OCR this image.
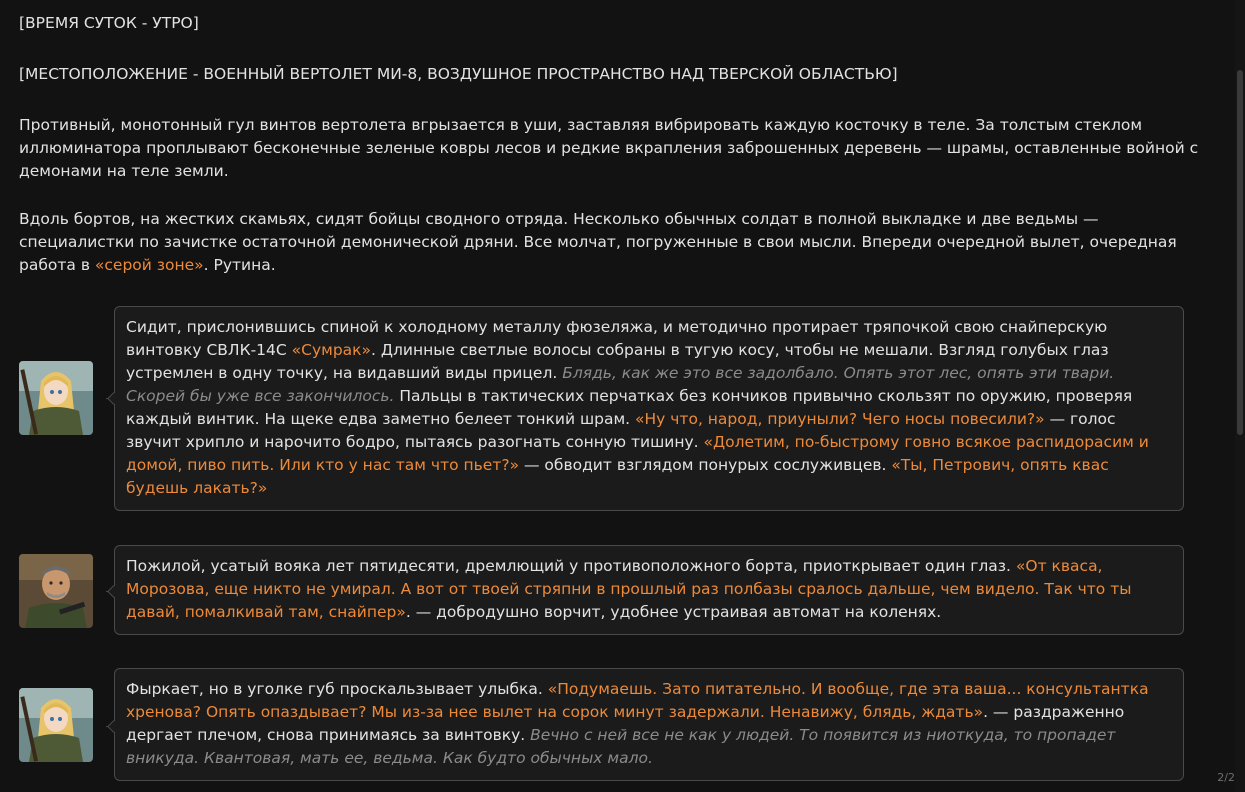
[ВРЕМЯ СУТОК - УТРО]

[МЕСТОПОЛОЖЕНИЕ - ВОЕННЫЙ ВЕРТОЛЕТ МИ-8, ВОЗДУШНОЕ ПРОСТРАНСТВО НАД ТВЕРСКОЙ ОБЛАСТЬЮ]

Противный, монотонный гул винтов вертолета вгрызается в уши, заставляя вибрировать каждую косточку в теле. За толстым стеклом иллюминатора проплывают бесконечные зеленые ковры лесов и редкие вкрапления заброшенных деревень — шрамы, оставленные войной с демонами на теле земли.

Вдоль бортов, на жестких скамьях, сидят бойцы сводного отряда. Несколько обычных солдат в полной выкладке и две ведьмы — специалистки по зачистке остаточной демонической дряни. Все молчат, погруженные в свои мысли. Впереди очередной вылет, очередная работа в «серой зоне». Рутина.

Сидит, прислонившись спиной к холодному металлу фюзеляжа, и методично протирает тряпочкой свою снайперскую винтовку СВЛК-14С «Сумрак». Длинные светлые волосы собраны в тугую косу, чтобы не мешали. Взгляд голубых глаз устремлен в одну точку, на видавший виды прицел. Блядь, как же это все задолбало. Опять этот лес, опять эти твари. Скорей бы уже все закончилось. Пальцы в тактических перчатках без кончиков привычно скользят по оружию, проверяя каждый винтик. На щеке едва заметно белеет тонкий шрам. «Ну что, народ, приуныли? Чего носы повесили?» — голос звучит хрипло и нарочито бодро, пытаясь разогнать сонную тишину. «Долетим, по-быстрому говно всякое распидорасим и домой, пиво пить. Или кто у нас там что пьет?» — обводит взглядом понурых сослуживцев. «Ты, Петрович, опять квас будешь лакать?»
Пожилой, усатый вояка лет пятидесяти, дремлющий у противоположного борта, приоткрывает один глаз. «От кваса, Морозова, еще никто не умирал. А вот от твоей стряпни в прошлый раз полбазы сралось дальше, чем видело. Так что ты давай, помалкивай там, снайпер». — добродушно ворчит, удобнее устраивая автомат на коленях.
Фыркает, но в уголке губ проскальзывает улыбка. «Подумаешь. Зато питательно. И вообще, где эта ваша... консультантка хренова? Опять опаздывает? Мы из-за нее вылет на сорок минут задержали. Ненавижу, блядь, ждать». — раздраженно дергает плечом, снова принимаясь за винтовку. Вечно с ней все не как у людей. То появится из ниоткуда, то пропадет вникуда. Квантовая, мать ее, ведьма. Как будто обычных мало.
2/2
